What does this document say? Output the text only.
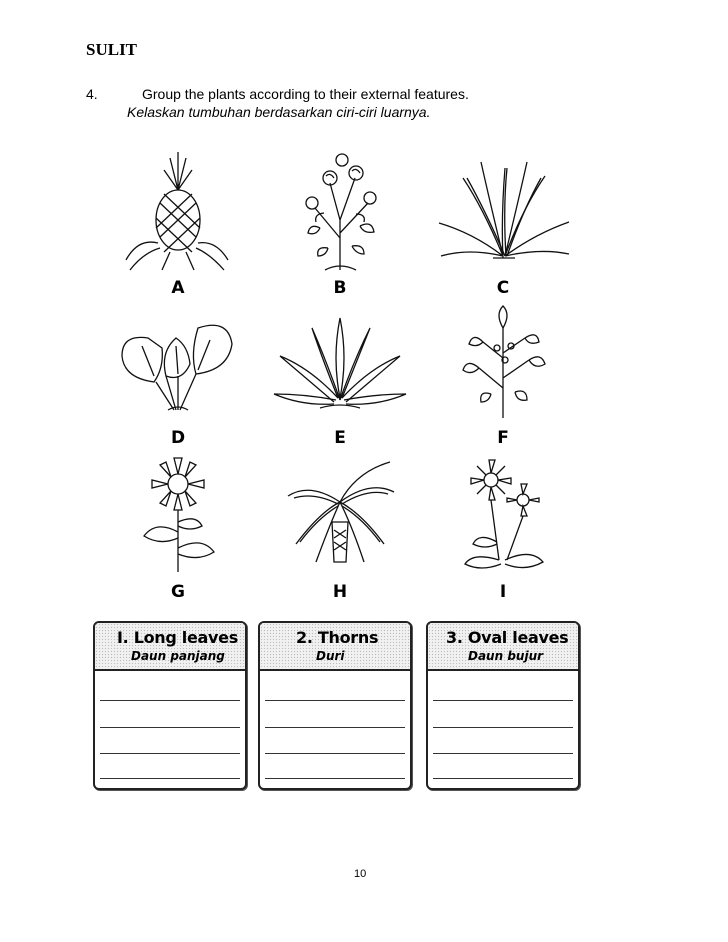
SULIT
4.	Group the plants according to their external features.
Kelaskan tumbuhan berdasarkan ciri-ciri luarnya.
A	B	C
D	E	F
G	H	I
I. Long leaves
Daun panjang
2. Thorns
Duri
3. Oval leaves
Daun bujur
10
